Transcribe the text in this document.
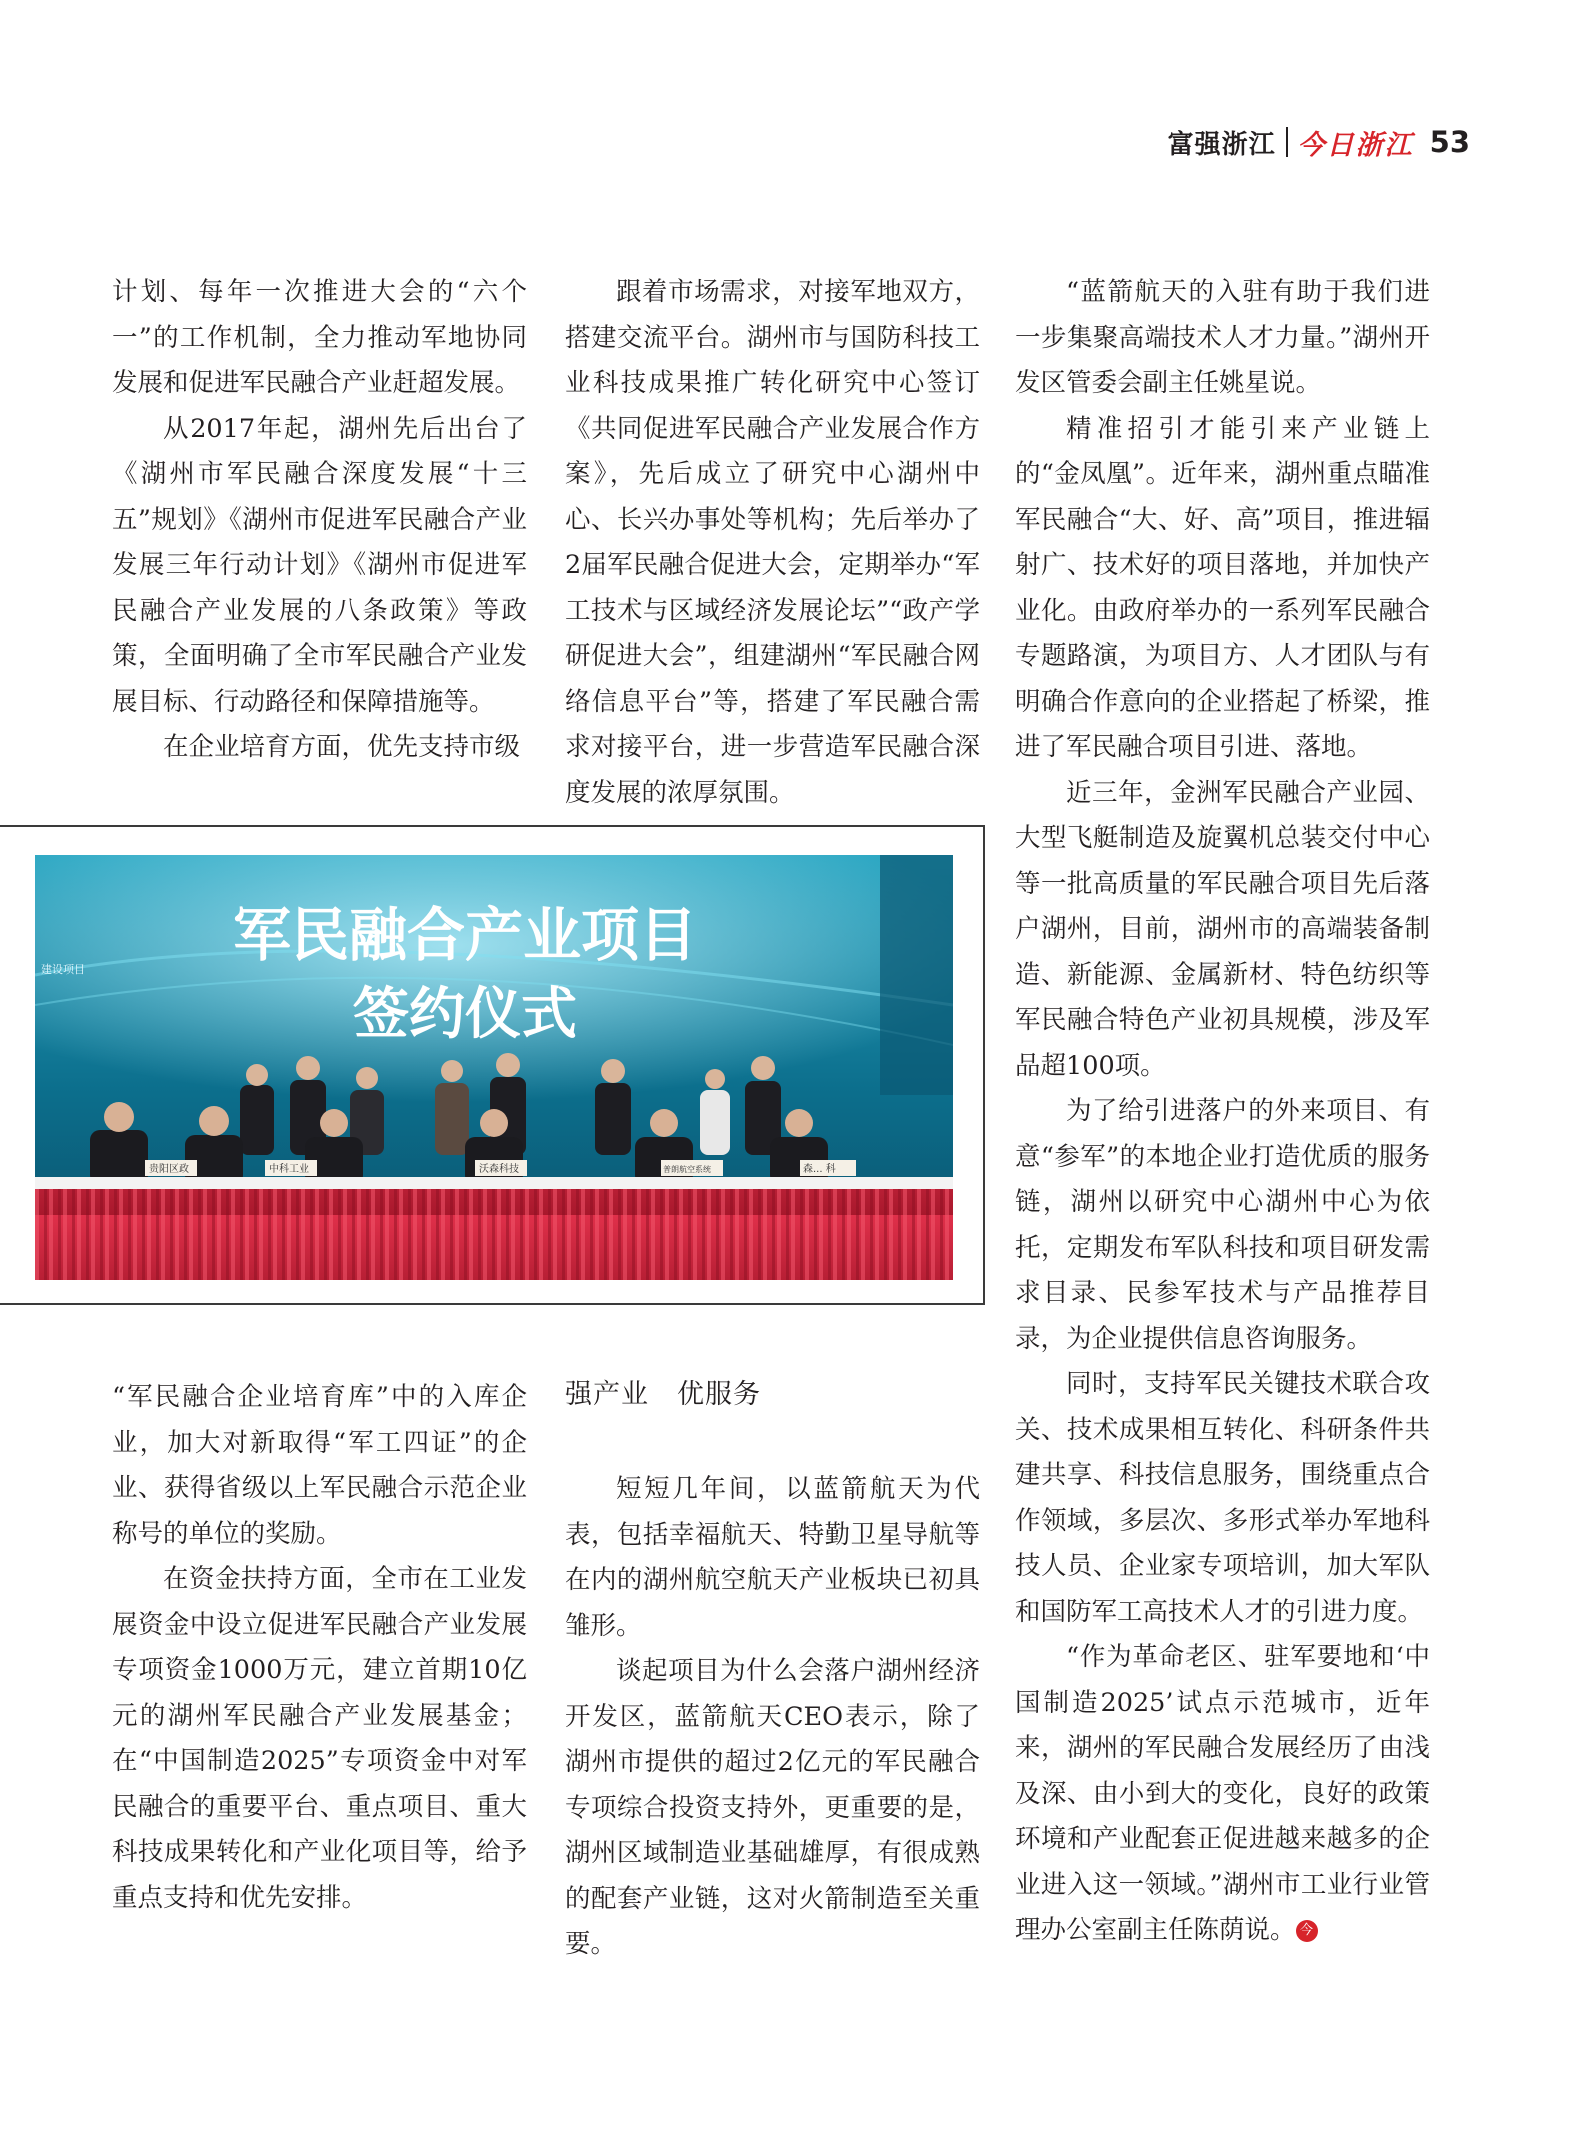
富强浙江 今日浙江 53

计划、每年一次推进大会的“六个一”的工作机制，全力推动军地协同发展和促进军民融合产业赶超发展。

从2017年起，湖州先后出台了《湖州市军民融合深度发展“十三五”规划》《湖州市促进军民融合产业发展三年行动计划》《湖州市促进军民融合产业发展的八条政策》等政策，全面明确了全市军民融合产业发展目标、行动路径和保障措施等。

在企业培育方面，优先支持市级

跟着市场需求，对接军地双方，搭建交流平台。湖州市与国防科技工业科技成果推广转化研究中心签订《共同促进军民融合产业发展合作方案》，先后成立了研究中心湖州中心、长兴办事处等机构；先后举办了2届军民融合促进大会，定期举办“军工技术与区域经济发展论坛”“政产学研促进大会”，组建湖州“军民融合网络信息平台”等，搭建了军民融合需求对接平台，进一步营造军民融合深度发展的浓厚氛围。

“蓝箭航天的入驻有助于我们进一步集聚高端技术人才力量。”湖州开发区管委会副主任姚星说。

精准招引才能引来产业链上的“金凤凰”。近年来，湖州重点瞄准军民融合“大、好、高”项目，推进辐射广、技术好的项目落地，并加快产业化。由政府举办的一系列军民融合专题路演，为项目方、人才团队与有明确合作意向的企业搭起了桥梁，推进了军民融合项目引进、落地。

近三年，金洲军民融合产业园、大型飞艇制造及旋翼机总装交付中心等一批高质量的军民融合项目先后落户湖州，目前，湖州市的高端装备制造、新能源、金属新材、特色纺织等军民融合特色产业初具规模，涉及军品超100项。

为了给引进落户的外来项目、有意“参军”的本地企业打造优质的服务链，湖州以研究中心湖州中心为依托，定期发布军队科技和项目研发需求目录、民参军技术与产品推荐目录，为企业提供信息咨询服务。

同时，支持军民关键技术联合攻关、技术成果相互转化、科研条件共建共享、科技信息服务，围绕重点合作领域，多层次、多形式举办军地科技人员、企业家专项培训，加大军队和国防军工高技术人才的引进力度。

“作为革命老区、驻军要地和‘中国制造2025’试点示范城市，近年来，湖州的军民融合发展经历了由浅及深、由小到大的变化，良好的政策环境和产业配套正促进越来越多的企业进入这一领域。”湖州市工业行业管理办公室副主任陈荫说。 今

建设项目
军民融合产业项目
签约仪式
贵阳区政	中科工业	沃森科技	普朗航空系统	森... 科

“军民融合企业培育库”中的入库企业，加大对新取得“军工四证”的企业、获得省级以上军民融合示范企业称号的单位的奖励。

在资金扶持方面，全市在工业发展资金中设立促进军民融合产业发展专项资金1000万元，建立首期10亿元的湖州军民融合产业发展基金；在“中国制造2025”专项资金中对军民融合的重要平台、重点项目、重大科技成果转化和产业化项目等，给予重点支持和优先安排。

强产业　优服务

短短几年间，以蓝箭航天为代表，包括幸福航天、特勤卫星导航等在内的湖州航空航天产业板块已初具雏形。

谈起项目为什么会落户湖州经济开发区，蓝箭航天CEO表示，除了湖州市提供的超过2亿元的军民融合专项综合投资支持外，更重要的是，湖州区域制造业基础雄厚，有很成熟的配套产业链，这对火箭制造至关重要。
